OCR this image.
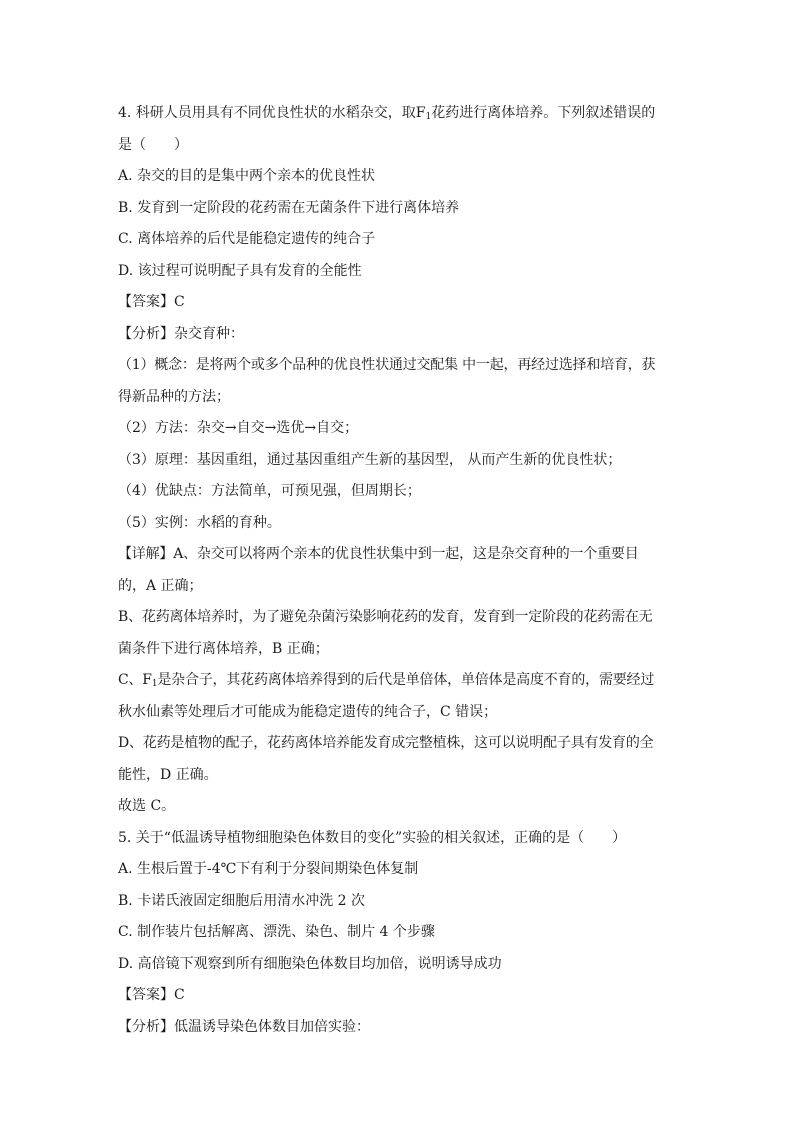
4. 科研人员用具有不同优良性状的水稻杂交，取$F_1$花药进行离体培养。下列叙述错误的
是（　　）
A. 杂交的目的是集中两个亲本的优良性状
B. 发育到一定阶段的花药需在无菌条件下进行离体培养
C. 离体培养的后代是能稳定遗传的纯合子
D. 该过程可说明配子具有发育的全能性
【答案】C
【分析】杂交育种：
（1）概念：是将两个或多个品种的优良性状通过交配集 中一起，再经过选择和培育，获
得新品种的方法；
（2）方法：杂交→自交→选优→自交；
（3）原理：基因重组，通过基因重组产生新的基因型， 从而产生新的优良性状；
（4）优缺点：方法简单，可预见强，但周期长；
（5）实例：水稻的育种。
【详解】A、杂交可以将两个亲本的优良性状集中到一起，这是杂交育种的一个重要目
的，A 正确；
B、花药离体培养时，为了避免杂菌污染影响花药的发育，发育到一定阶段的花药需在无
菌条件下进行离体培养，B 正确；
C、$F_1$是杂合子，其花药离体培养得到的后代是单倍体，单倍体是高度不育的，需要经过
秋水仙素等处理后才可能成为能稳定遗传的纯合子，C 错误；
D、花药是植物的配子，花药离体培养能发育成完整植株，这可以说明配子具有发育的全
能性，D 正确。
故选 C。
5. 关于“低温诱导植物细胞染色体数目的变化”实验的相关叙述，正确的是（　　）
A. 生根后置于-4℃下有利于分裂间期染色体复制
B. 卡诺氏液固定细胞后用清水冲洗 2 次
C. 制作装片包括解离、漂洗、染色、制片 4 个步骤
D. 高倍镜下观察到所有细胞染色体数目均加倍，说明诱导成功
【答案】C
【分析】低温诱导染色体数目加倍实验：
